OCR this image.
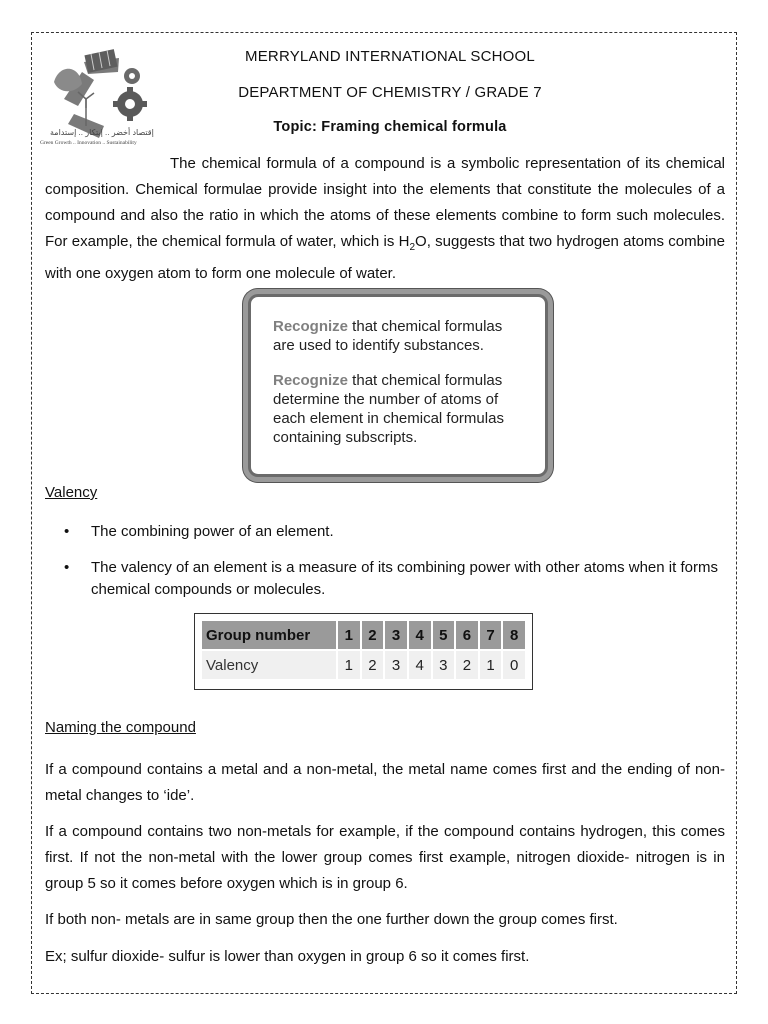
إقتصاد أخضر .. إبتكار .. إستدامة
Green Growth .. Innovation .. Sustainability
MERRYLAND INTERNATIONAL SCHOOL
DEPARTMENT OF CHEMISTRY / GRADE 7
Topic: Framing chemical formula
The chemical formula of a compound is a symbolic representation of its chemical composition. Chemical formulae provide insight into the elements that constitute the molecules of a compound and also the ratio in which the atoms of these elements combine to form such molecules. For example, the chemical formula of water, which is $H_2O$, suggests that two hydrogen atoms combine with one oxygen atom to form one molecule of water.

Recognize that chemical formulas are used to identify substances.

Recognize that chemical formulas determine the number of atoms of each element in chemical formulas containing subscripts.

Valency
• The combining power of an element.
• The valency of an element is a measure of its combining power with other atoms when it forms chemical compounds or molecules.
Group number	1	2	3	4	5	6	7	8
Valency	1	2	3	4	3	2	1	0
Naming the compound
If a compound contains a metal and a non-metal, the metal name comes first and the ending of non-metal changes to ‘ide’.
If a compound contains two non-metals for example, if the compound contains hydrogen, this comes first. If not the non-metal with the lower group comes first example, nitrogen dioxide- nitrogen is in group 5 so it comes before oxygen which is in group 6.
If both non- metals are in same group then the one further down the group comes first.
Ex; sulfur dioxide- sulfur is lower than oxygen in group 6 so it comes first.
